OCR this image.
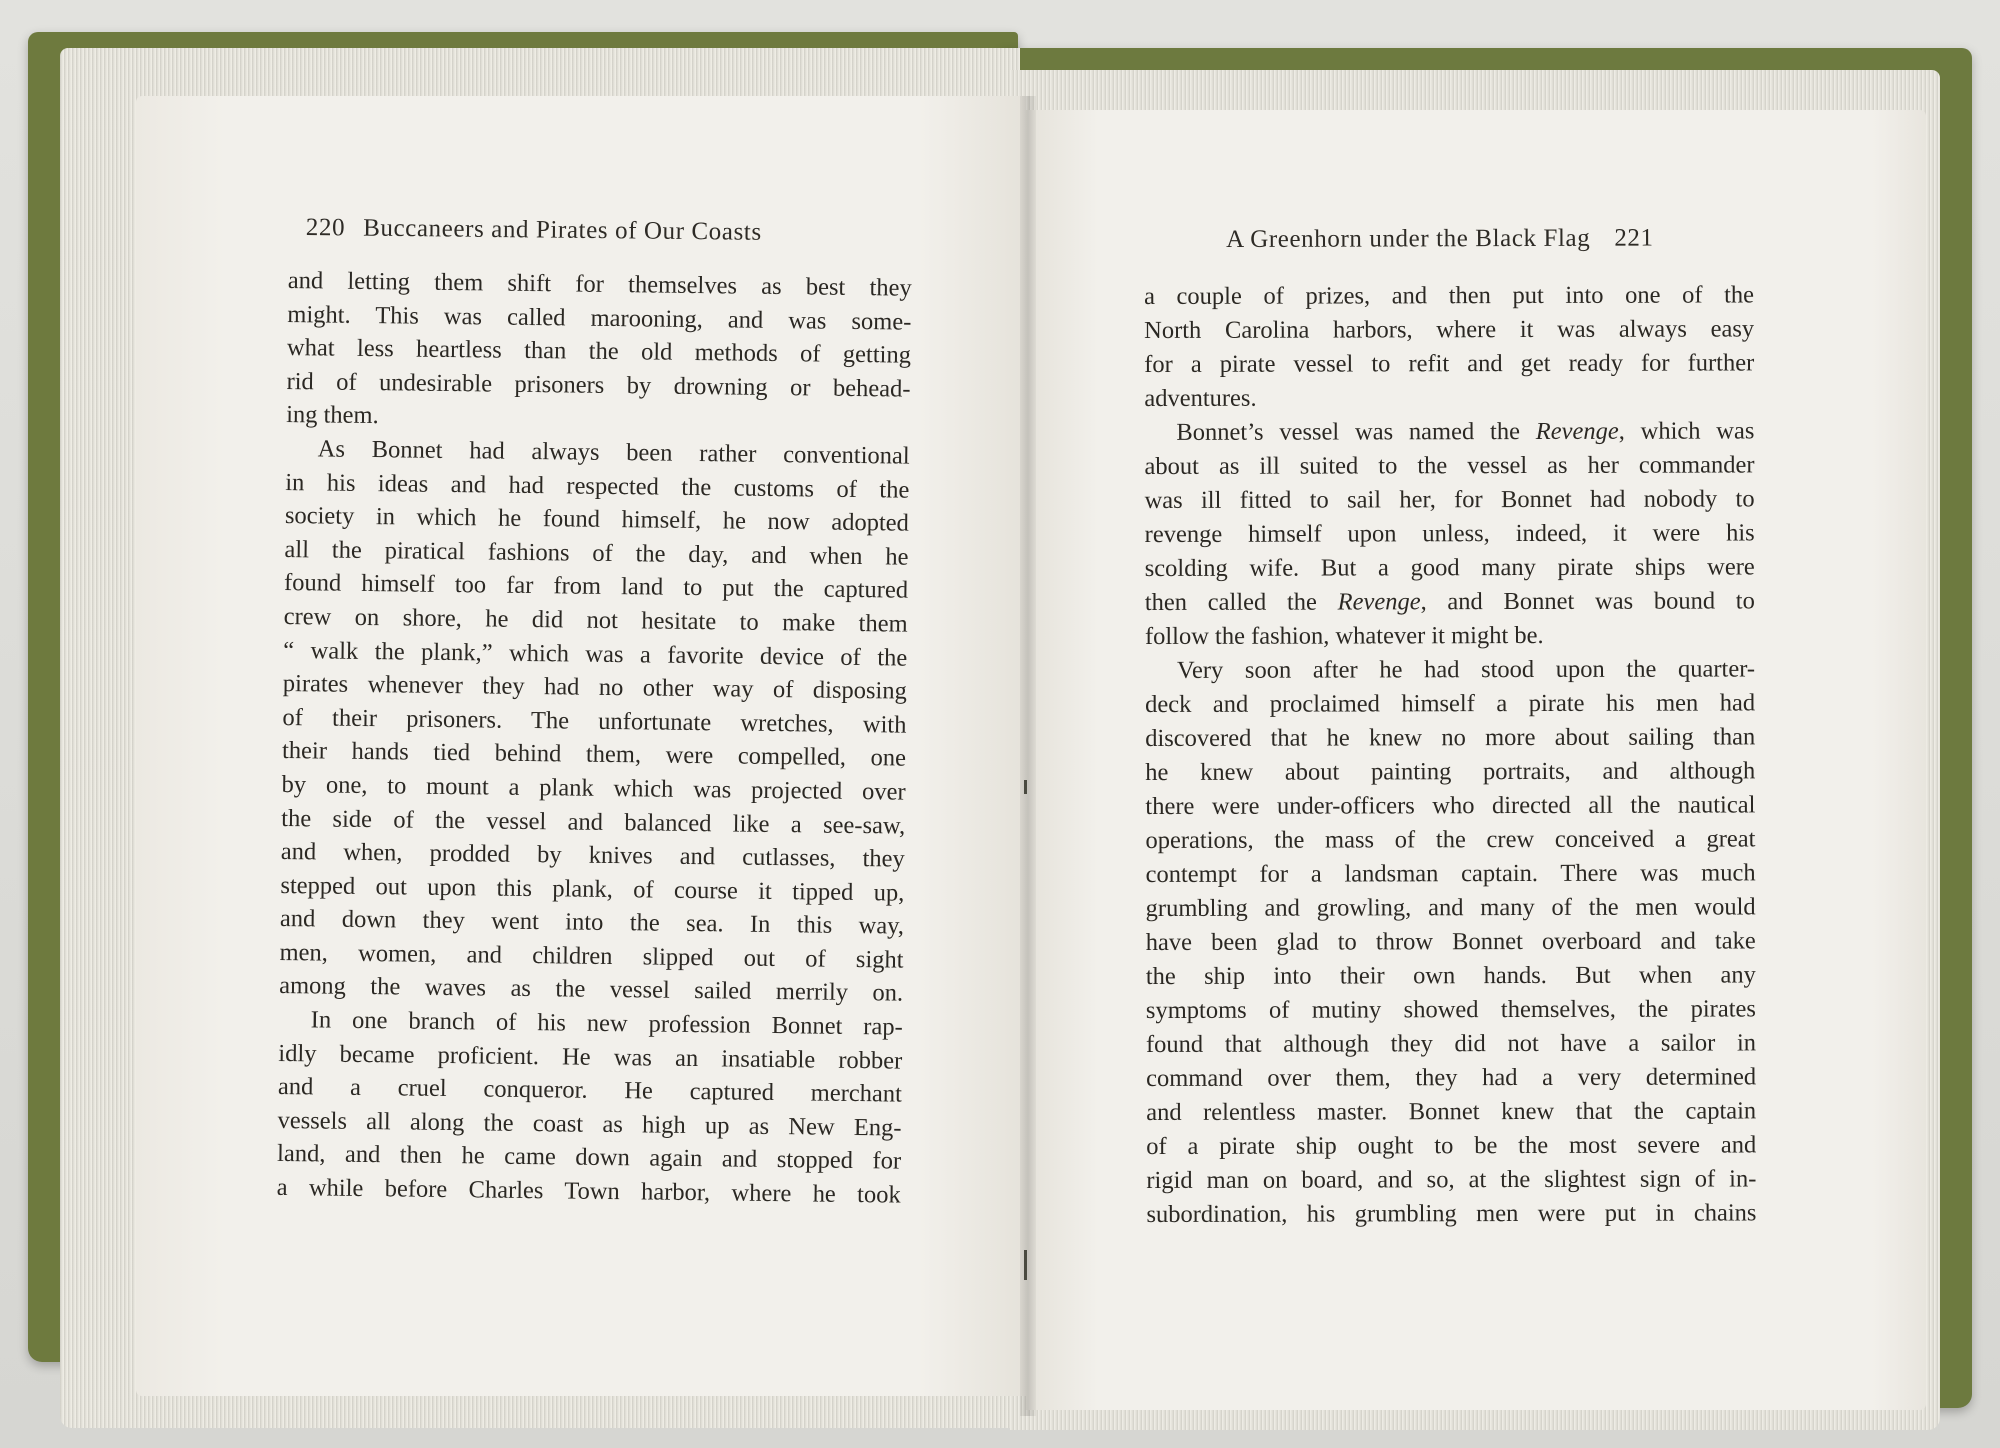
220 Buccaneers and Pirates of Our Coasts	A Greenhorn under the Black Flag 221
and letting them shift for themselves as best they
might. This was called marooning, and was some-
what less heartless than the old methods of getting
rid of undesirable prisoners by drowning or behead-
ing them.
As Bonnet had always been rather conventional
in his ideas and had respected the customs of the
society in which he found himself, he now adopted
all the piratical fashions of the day, and when he
found himself too far from land to put the captured
crew on shore, he did not hesitate to make them
“ walk the plank,” which was a favorite device of the
pirates whenever they had no other way of disposing
of their prisoners. The unfortunate wretches, with
their hands tied behind them, were compelled, one
by one, to mount a plank which was projected over
the side of the vessel and balanced like a see-saw,
and when, prodded by knives and cutlasses, they
stepped out upon this plank, of course it tipped up,
and down they went into the sea. In this way,
men, women, and children slipped out of sight
among the waves as the vessel sailed merrily on.
In one branch of his new profession Bonnet rap-
idly became proficient. He was an insatiable robber
and a cruel conqueror. He captured merchant
vessels all along the coast as high up as New Eng-
land, and then he came down again and stopped for
a while before Charles Town harbor, where he took
a couple of prizes, and then put into one of the
North Carolina harbors, where it was always easy
for a pirate vessel to refit and get ready for further
adventures.
Bonnet’s vessel was named the Revenge, which was
about as ill suited to the vessel as her commander
was ill fitted to sail her, for Bonnet had nobody to
revenge himself upon unless, indeed, it were his
scolding wife. But a good many pirate ships were
then called the Revenge, and Bonnet was bound to
follow the fashion, whatever it might be.
Very soon after he had stood upon the quarter-
deck and proclaimed himself a pirate his men had
discovered that he knew no more about sailing than
he knew about painting portraits, and although
there were under-officers who directed all the nautical
operations, the mass of the crew conceived a great
contempt for a landsman captain. There was much
grumbling and growling, and many of the men would
have been glad to throw Bonnet overboard and take
the ship into their own hands. But when any
symptoms of mutiny showed themselves, the pirates
found that although they did not have a sailor in
command over them, they had a very determined
and relentless master. Bonnet knew that the captain
of a pirate ship ought to be the most severe and
rigid man on board, and so, at the slightest sign of in-
subordination, his grumbling men were put in chains
